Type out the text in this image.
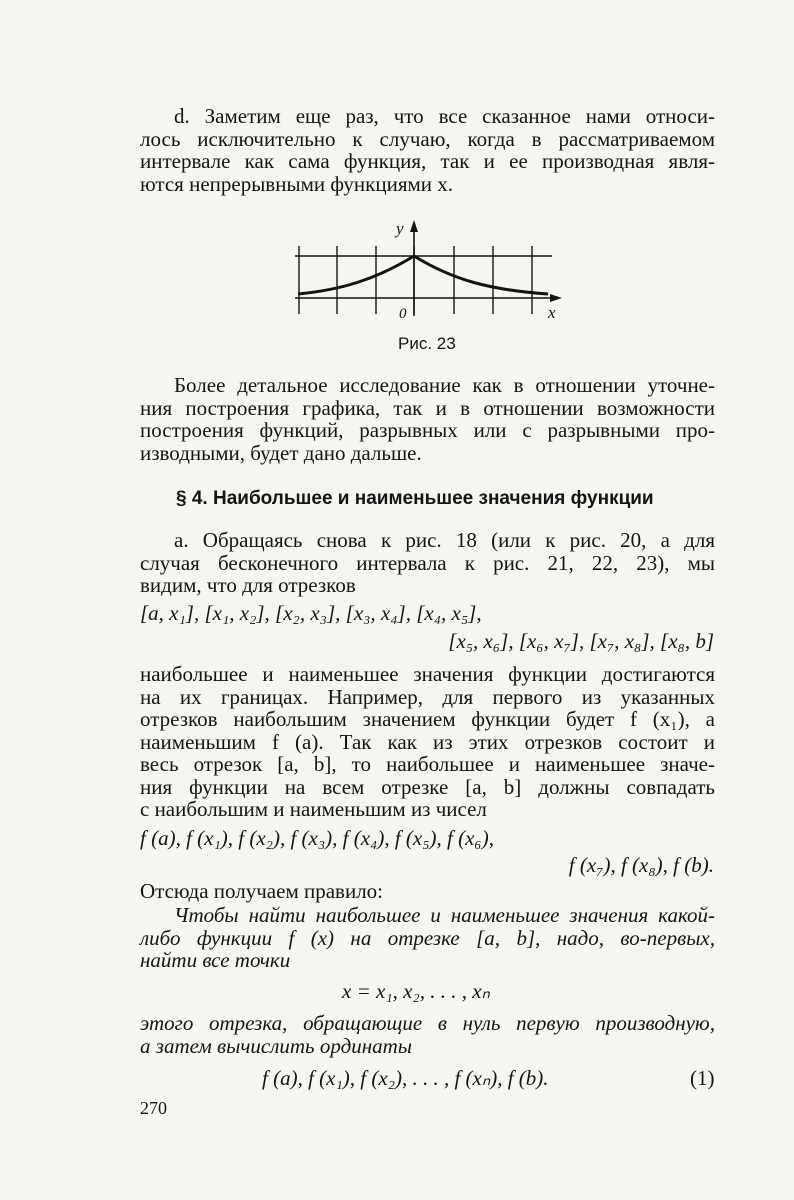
d. Заметим еще раз, что все сказанное нами относи-
лось исключительно к случаю, когда в рассматриваемом
интервале как сама функция, так и ее производная явля-
ются непрерывными функциями x.
y
x
0
Рис. 23
Более детальное исследование как в отношении уточне-
ния построения графика, так и в отношении возможности
построения функций, разрывных или с разрывными про-
изводными, будет дано дальше.
§ 4. Наибольшее и наименьшее значения функции
а. Обращаясь снова к рис. 18 (или к рис. 20, а для
случая бесконечного интервала к рис. 21, 22, 23), мы
видим, что для отрезков
[a, x₁], [x₁, x₂], [x₂, x₃], [x₃, x₄], [x₄, x₅],
[x₅, x₆], [x₆, x₇], [x₇, x₈], [x₈, b]
наибольшее и наименьшее значения функции достигаются
на их границах. Например, для первого из указанных
отрезков наибольшим значением функции будет f (x₁), а
наименьшим f (a). Так как из этих отрезков состоит и
весь отрезок [a, b], то наибольшее и наименьшее значе-
ния функции на всем отрезке [a, b] должны совпадать
с наибольшим и наименьшим из чисел
f (a), f (x₁), f (x₂), f (x₃), f (x₄), f (x₅), f (x₆),
f (x₇), f (x₈), f (b).
Отсюда получаем правило:
Чтобы найти наибольшее и наименьшее значения какой-
либо функции f (x) на отрезке [a, b], надо, во-первых,
найти все точки
x = x₁, x₂, . . . , xₙ
этого отрезка, обращающие в нуль первую производную,
а затем вычислить ординаты
f (a), f (x₁), f (x₂), . . . , f (xₙ), f (b).	(1)
270
